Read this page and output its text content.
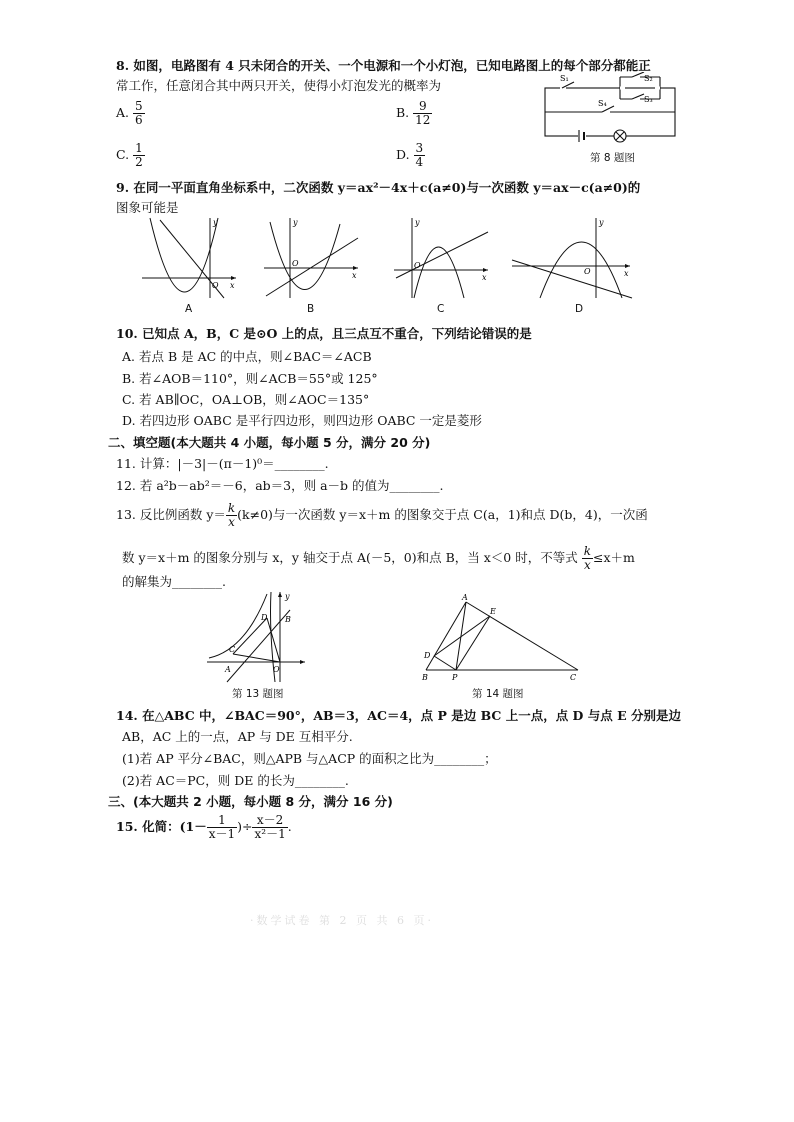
8. 如图，电路图有 4 只未闭合的开关、一个电源和一个小灯泡，已知电路图上的每个部分都能正
常工作，任意闭合其中两只开关，使得小灯泡发光的概率为
A. $\frac{5}{6}$	B. $\frac{9}{12}$
C. $\frac{1}{2}$	D. $\frac{3}{4}$
S₁	S₂
S₃
S₄
第 8 题图
9. 在同一平面直角坐标系中，二次函数 y＝ax²－4x＋c(a≠0)与一次函数 y＝ax－c(a≠0)的
图象可能是
x
y
O
A
x
y
O
B
x
y
O
C
x
y
O
D
10. 已知点 A，B，C 是⊙O 上的点，且三点互不重合，下列结论错误的是
A. 若点 B 是 AC 的中点，则∠BAC＝∠ACB
B. 若∠AOB＝110°，则∠ACB＝55°或 125°
C. 若 AB∥OC，OA⊥OB，则∠AOC＝135°
D. 若四边形 OABC 是平行四边形，则四边形 OABC 一定是菱形
二、填空题(本大题共 4 小题，每小题 5 分，满分 20 分)
11. 计算：|－3|－(π－1)⁰＝________.
12. 若 a²b－ab²＝－6，ab＝3，则 a－b 的值为________.
13. 反比例函数 $y= \frac{k}{x} (k\ne 0)$与一次函数 y＝x＋m 的图象交于点 C(a，1)和点 D(b，4)，一次函
数 y＝x＋m 的图象分别与 x，y 轴交于点 A(－5，0)和点 B，当 x＜0 时，不等式 $\frac{k}{x} \le x+m$
的解集为________.
y
A
B
C
D
O
第 13 题图
A
B	C
D
E
P
第 14 题图
14. 在△ABC 中，∠BAC＝90°，AB＝3，AC＝4，点 P 是边 BC 上一点，点 D 与点 E 分别是边
AB，AC 上的一点，AP 与 DE 互相平分.
(1)若 AP 平分∠BAC，则△APB 与△ACP 的面积之比为________；
(2)若 AC＝PC，则 DE 的长为________.
三、(本大题共 2 小题，每小题 8 分，满分 16 分)
15. 化简：($1- \frac{1}{x-1}$ )÷ $\frac{x-2}{\text{x²－1}}$ .
·数学试卷 第 2 页 共 6 页·
